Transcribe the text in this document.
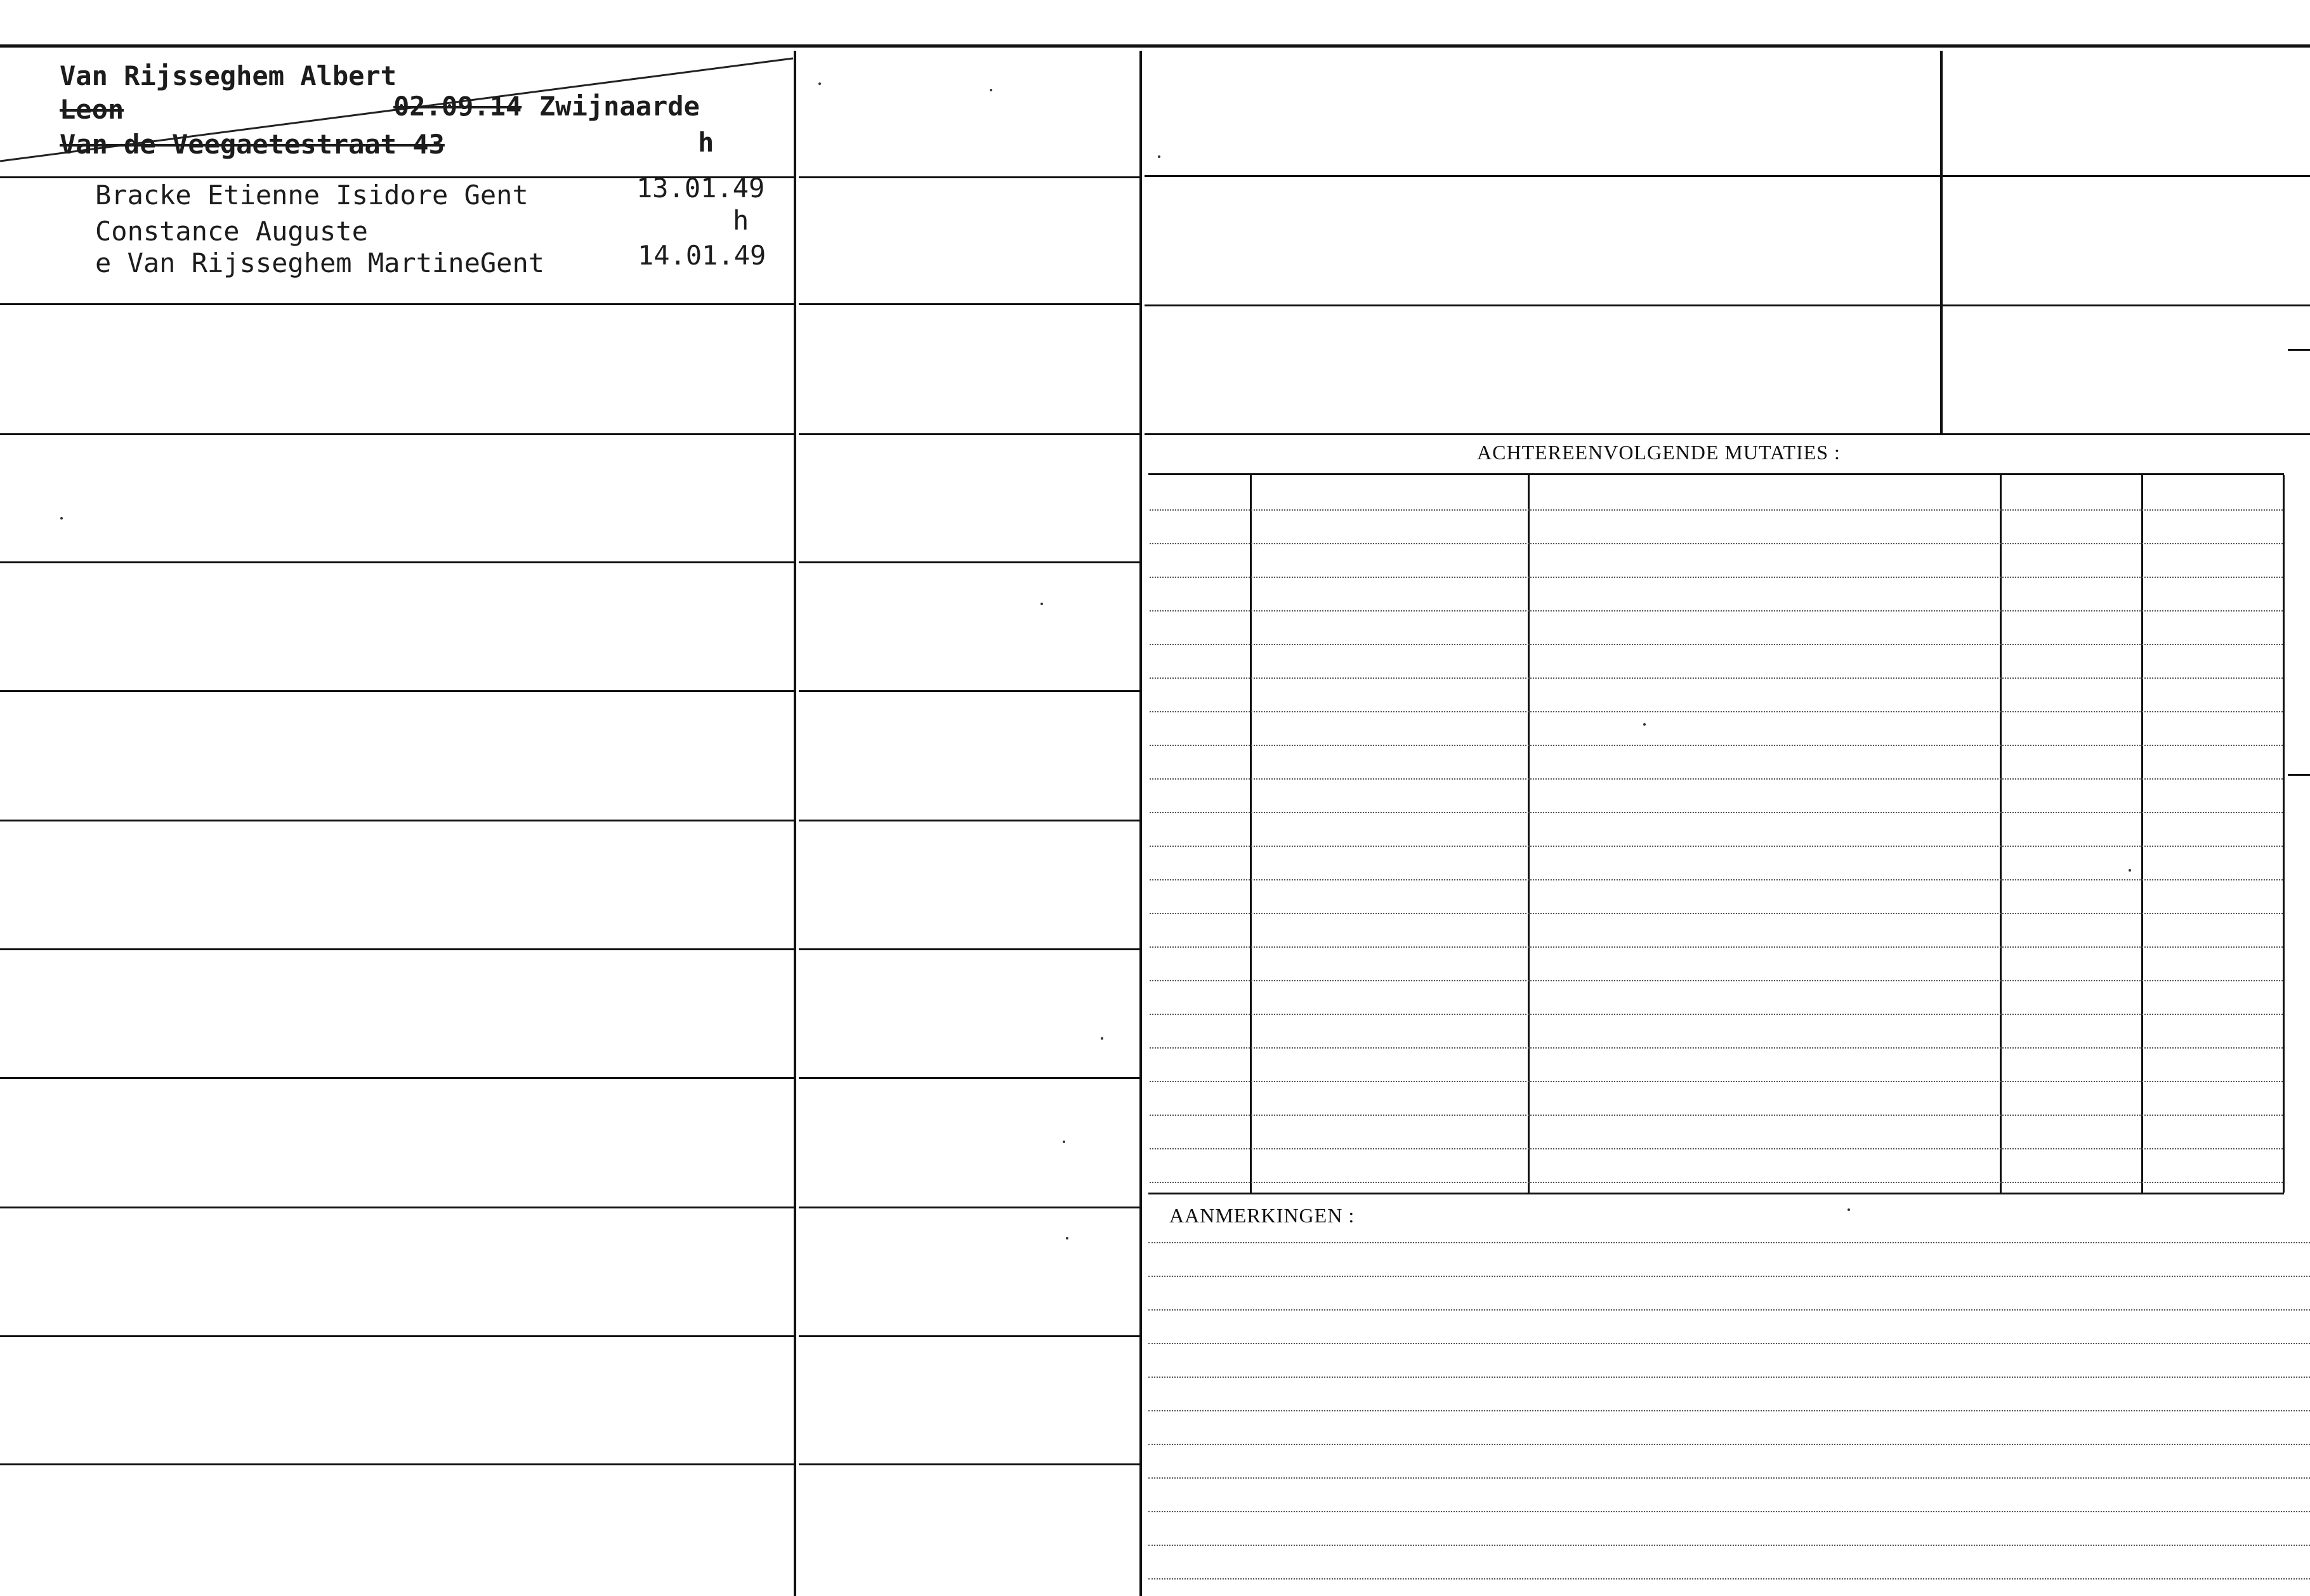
Van Rijsseghem Albert
Leon	02.09.14 Zwijnaarde
Van de Veegaetestraat 43	h
Bracke Etienne Isidore Gent
Constance Auguste
e Van Rijsseghem MartineGent
13.01.49
h
14.01.49
ACHTEREENVOLGENDE MUTATIES :
AANMERKINGEN :
